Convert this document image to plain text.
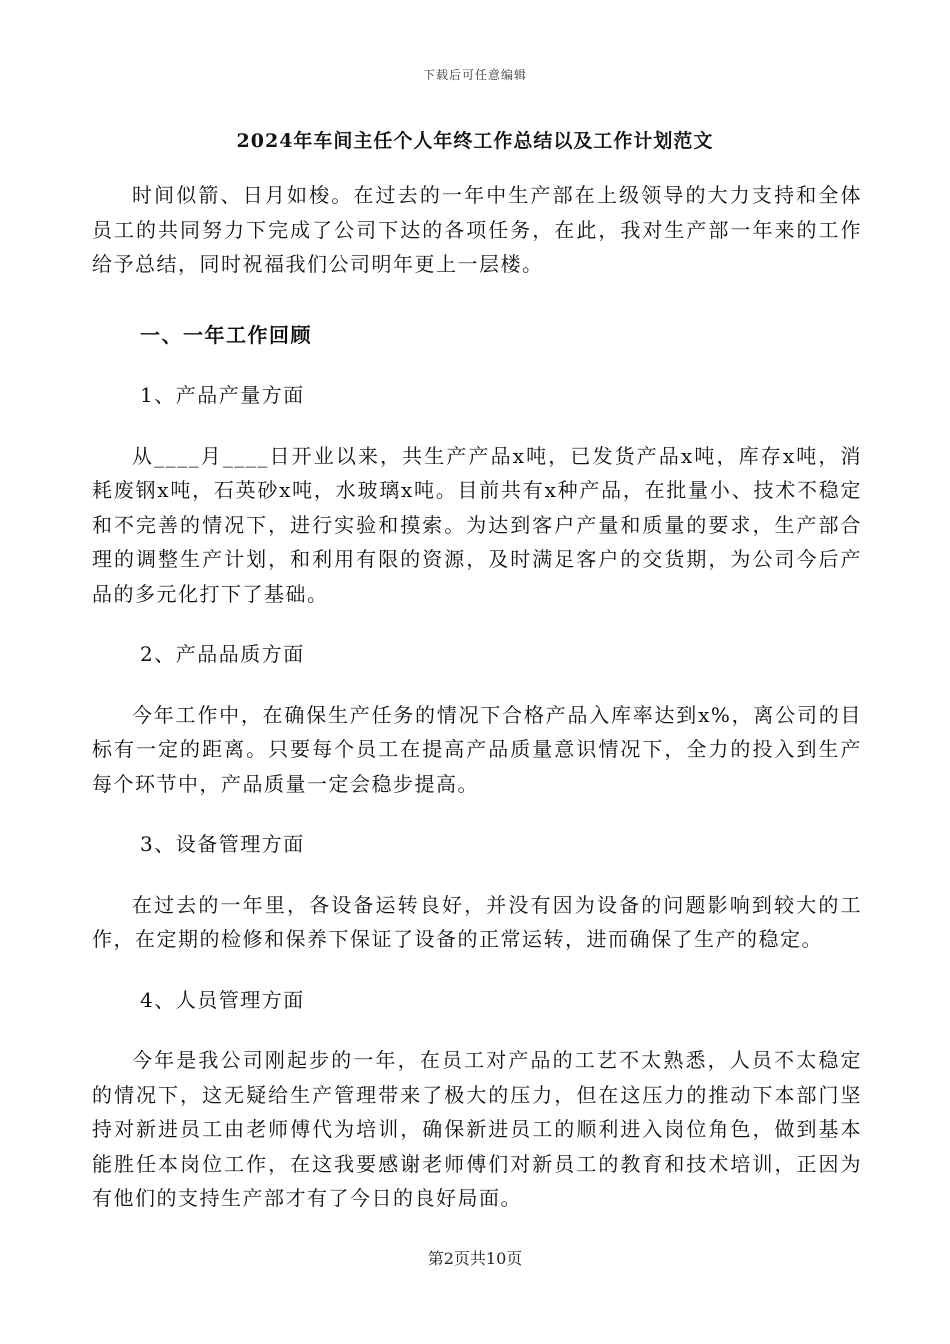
下载后可任意编辑
2024年车间主任个人年终工作总结以及工作计划范文

时间似箭、日月如梭。在过去的一年中生产部在上级领导的大力支持和全体员工的共同努力下完成了公司下达的各项任务，在此，我对生产部一年来的工作给予总结，同时祝福我们公司明年更上一层楼。

一、一年工作回顾
1、产品产量方面

从____月____日开业以来，共生产产品x吨，已发货产品x吨，库存x吨，消耗废钢x吨，石英砂x吨，水玻璃x吨。目前共有x种产品，在批量小、技术不稳定和不完善的情况下，进行实验和摸索。为达到客户产量和质量的要求，生产部合理的调整生产计划，和利用有限的资源，及时满足客户的交货期，为公司今后产品的多元化打下了基础。

2、产品品质方面

今年工作中，在确保生产任务的情况下合格产品入库率达到x%，离公司的目标有一定的距离。只要每个员工在提高产品质量意识情况下，全力的投入到生产每个环节中，产品质量一定会稳步提高。

3、设备管理方面

在过去的一年里，各设备运转良好，并没有因为设备的问题影响到较大的工作，在定期的检修和保养下保证了设备的正常运转，进而确保了生产的稳定。

4、人员管理方面

今年是我公司刚起步的一年，在员工对产品的工艺不太熟悉，人员不太稳定的情况下，这无疑给生产管理带来了极大的压力，但在这压力的推动下本部门坚持对新进员工由老师傅代为培训，确保新进员工的顺利进入岗位角色，做到基本能胜任本岗位工作，在这我要感谢老师傅们对新员工的教育和技术培训，正因为有他们的支持生产部才有了今日的良好局面。

第2页共10页
